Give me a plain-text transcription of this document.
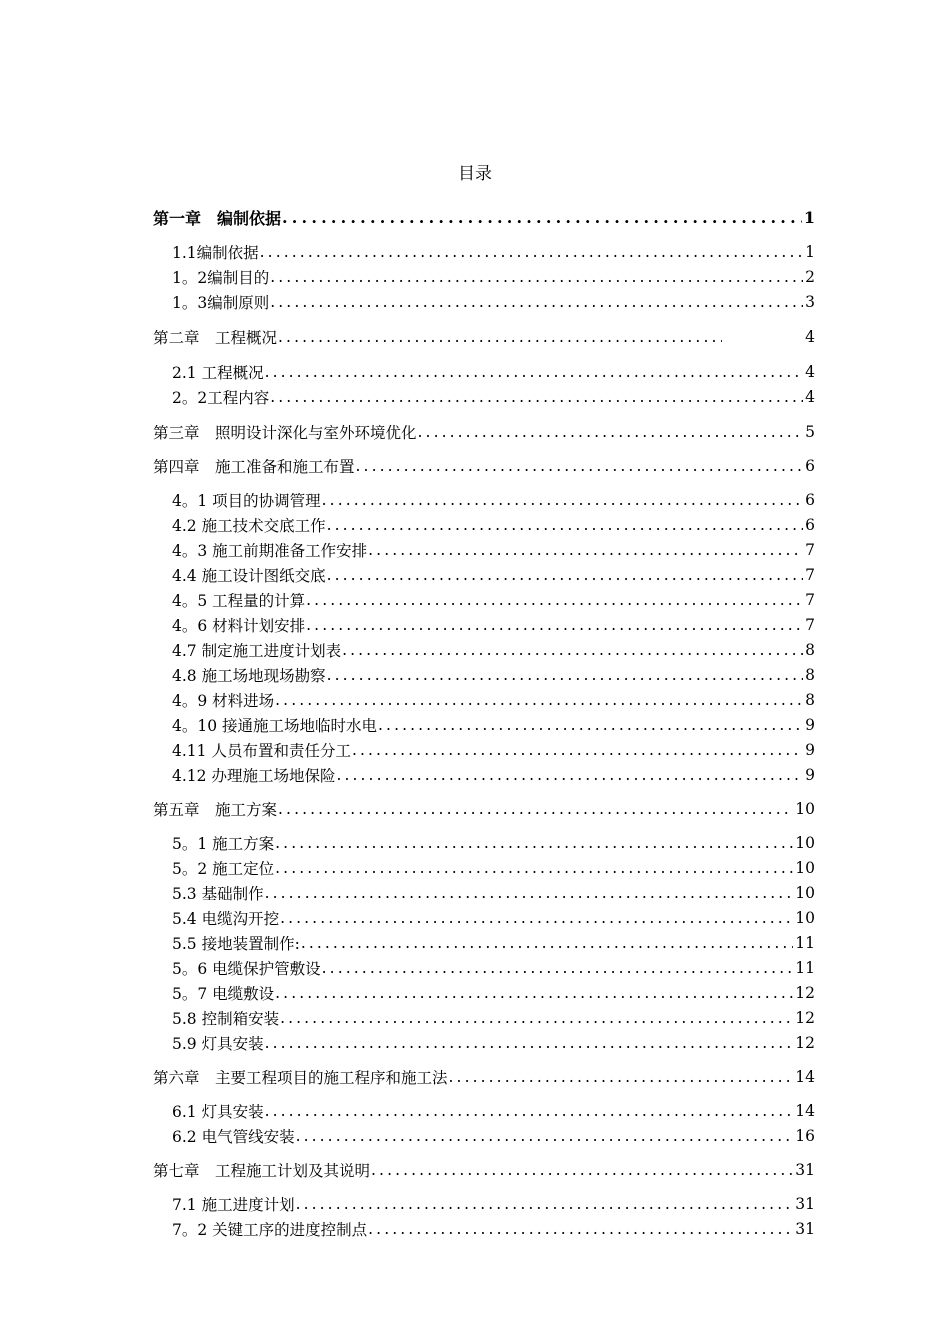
目录
第一章　编制依据 .....	1
1.1编制依据 .....	1
1。2编制目的 .....	2
1。3编制原则 .....	3
第二章　工程概况 .....	4
2.1 工程概况 .....	4
2。2工程内容 .....	4
第三章　照明设计深化与室外环境优化 .....	5
第四章　施工准备和施工布置 .....	6
4。1 项目的协调管理 .....	6
4.2 施工技术交底工作 .....	6
4。3 施工前期准备工作安排 .....	7
4.4 施工设计图纸交底 .....	7
4。5 工程量的计算 .....	7
4。6 材料计划安排 .....	7
4.7 制定施工进度计划表 .....	8
4.8 施工场地现场勘察 .....	8
4。9 材料进场 .....	8
4。10 接通施工场地临时水电 .....	9
4.11 人员布置和责任分工 .....	9
4.12 办理施工场地保险 .....	9
第五章　施工方案 .....	10
5。1 施工方案 .....	10
5。2 施工定位 .....	10
5.3 基础制作 .....	10
5.4 电缆沟开挖 .....	10
5.5 接地装置制作: .....	11
5。6 电缆保护管敷设 .....	11
5。7 电缆敷设 .....	12
5.8 控制箱安装 .....	12
5.9 灯具安装 .....	12
第六章　主要工程项目的施工程序和施工法 .....	14
6.1 灯具安装 .....	14
6.2 电气管线安装 .....	16
第七章　工程施工计划及其说明 .....	31
7.1 施工进度计划 .....	31
7。2 关键工序的进度控制点 .....	31
